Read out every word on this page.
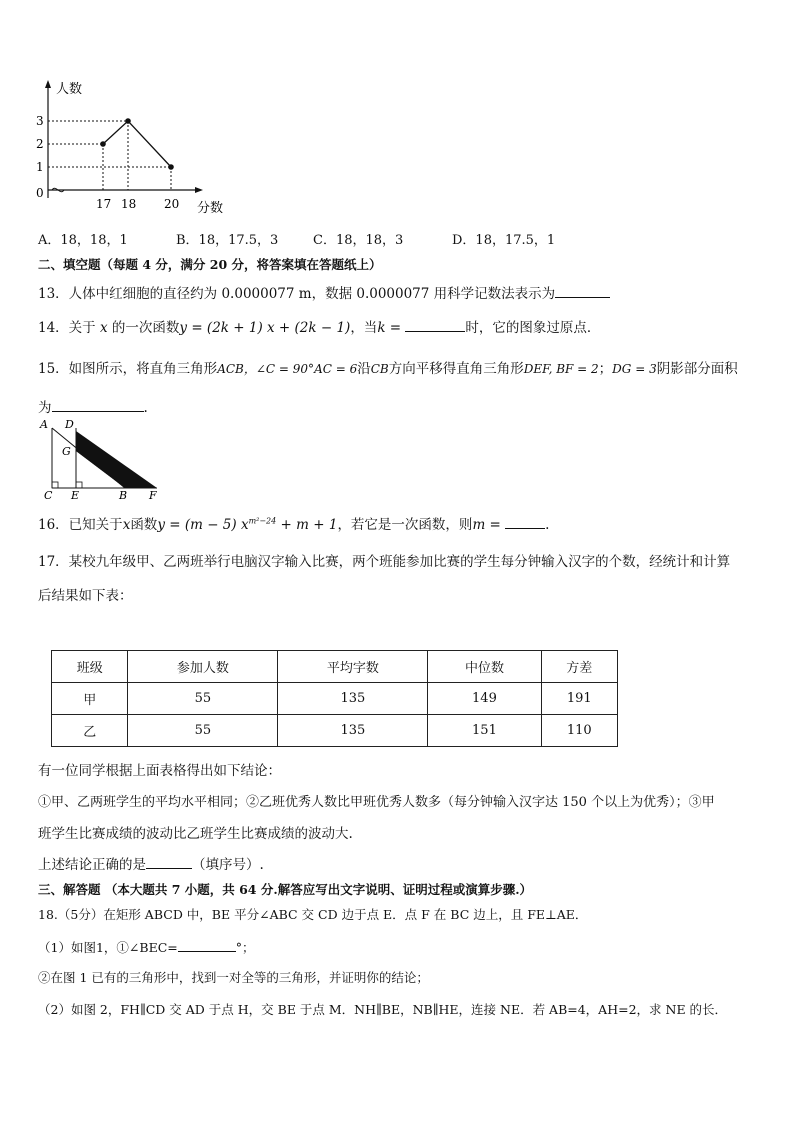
0
1
2
3
17 18 20
人数
分数
A．18，18，1	B．18，17.5，3	C．18，18，3	D．18，17.5，1
二、填空题（每题 4 分，满分 20 分，将答案填在答题纸上）
13．人体中红细胞的直径约为 0.0000077 m，数据 0.0000077 用科学记数法表示为
14．关于 x 的一次函数y = (2k + 1) x + (2k − 1)，当k =	时，它的图象过原点．
15．如图所示，将直角三角形ACB，∠C = 90°AC = 6沿CB方向平移得直角三角形DEF, BF = 2；DG = 3阴影部分面积
为	.
A D
G
C E	B F
16．已知关于x函数y = (m − 5) $x^{m^2-24} + m + 1$，若它是一次函数，则m =	.
17．某校九年级甲、乙两班举行电脑汉字输入比赛，两个班能参加比赛的学生每分钟输入汉字的个数，经统计和计算
后结果如下表：
班级	参加人数	平均字数	中位数	方差
甲	55	135	149	191
乙	55	135	151	110
有一位同学根据上面表格得出如下结论：
①甲、乙两班学生的平均水平相同；②乙班优秀人数比甲班优秀人数多（每分钟输入汉字达 150 个以上为优秀）；③甲
班学生比赛成绩的波动比乙班学生比赛成绩的波动大.
上述结论正确的是	（填序号）.
三、解答题 （本大题共 7 小题，共 64 分.解答应写出文字说明、证明过程或演算步骤.）
18.（5分）在矩形 ABCD 中，BE 平分∠ABC 交 CD 边于点 E．点 F 在 BC 边上，且 FE⊥AE．
（1）如图1，①∠BEC=	°；
②在图 1 已有的三角形中，找到一对全等的三角形，并证明你的结论；
（2）如图 2，FH∥CD 交 AD 于点 H，交 BE 于点 M．NH∥BE，NB∥HE，连接 NE．若 AB=4，AH=2，求 NE 的长．
